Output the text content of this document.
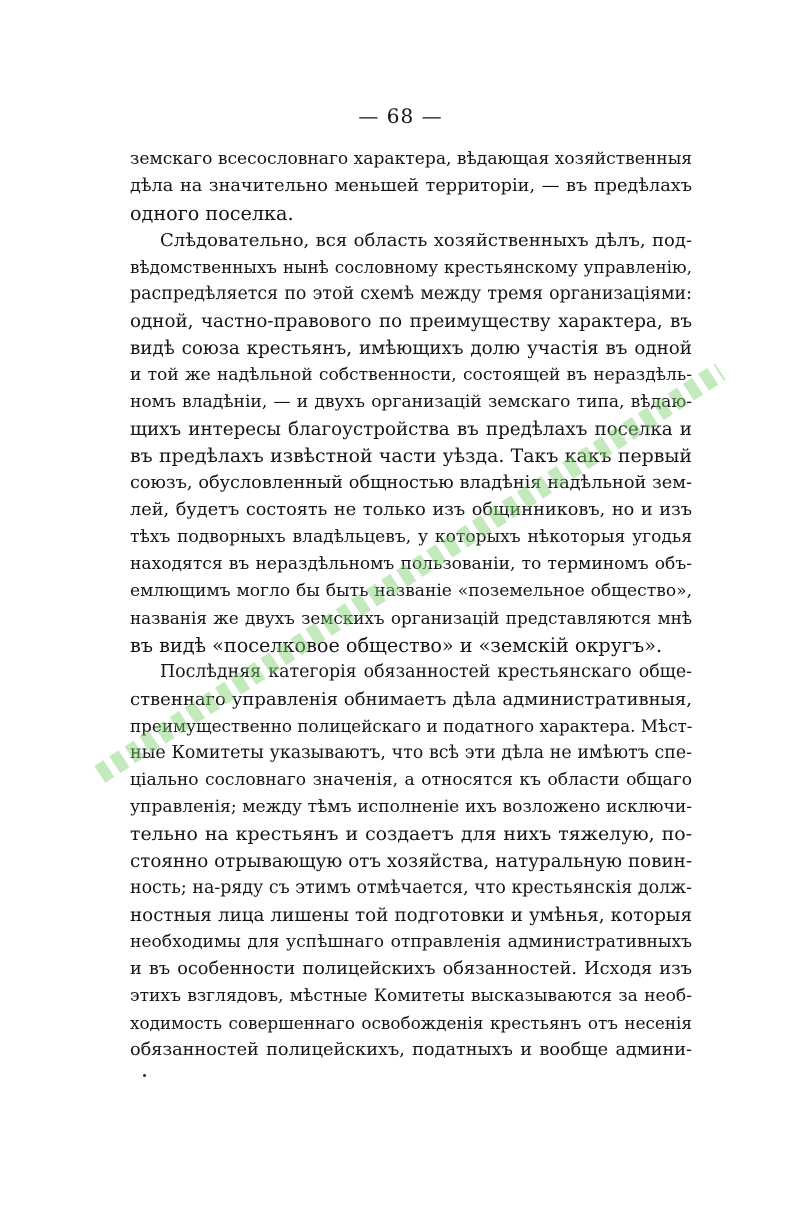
— 68 —
земскаго всесословнаго характера, вѣдающая хозяйственныя
дѣла на значительно меньшей территоріи, — въ предѣлахъ
одного поселка.
Слѣдовательно, вся область хозяйственныхъ дѣлъ, под-
вѣдомственныхъ нынѣ сословному крестьянскому управленію,
распредѣляется по этой схемѣ между тремя организаціями:
одной, частно-правового по преимуществу характера, въ
видѣ союза крестьянъ, имѣющихъ долю участія въ одной
и той же надѣльной собственности, состоящей въ нераздѣль-
номъ владѣніи, — и двухъ организацій земскаго типа, вѣдаю-
щихъ интересы благоустройства въ предѣлахъ поселка и
въ предѣлахъ извѣстной части уѣзда. Такъ какъ первый
союзъ, обусловленный общностью владѣнія надѣльной зем-
лей, будетъ состоять не только изъ общинниковъ, но и изъ
тѣхъ подворныхъ владѣльцевъ, у которыхъ нѣкоторыя угодья
находятся въ нераздѣльномъ пользованіи, то терминомъ объ-
емлющимъ могло бы быть названіе «поземельное общество»,
названія же двухъ земскихъ организацій представляются мнѣ
въ видѣ «поселковое общество» и «земскій округъ».
Послѣдняя категорія обязанностей крестьянскаго обще-
ственнаго управленія обнимаетъ дѣла административныя,
преимущественно полицейскаго и податного характера. Мѣст-
ные Комитеты указываютъ, что всѣ эти дѣла не имѣютъ спе-
ціально сословнаго значенія, а относятся къ области общаго
управленія; между тѣмъ исполненіе ихъ возложено исключи-
тельно на крестьянъ и создаетъ для нихъ тяжелую, по-
стоянно отрывающую отъ хозяйства, натуральную повин-
ность; на-ряду съ этимъ отмѣчается, что крестьянскія долж-
ностныя лица лишены той подготовки и умѣнья, которыя
необходимы для успѣшнаго отправленія административныхъ
и въ особенности полицейскихъ обязанностей. Исходя изъ
этихъ взглядовъ, мѣстные Комитеты высказываются за необ-
ходимость совершеннаго освобожденія крестьянъ отъ несенія
обязанностей полицейскихъ, податныхъ и вообще админи-
